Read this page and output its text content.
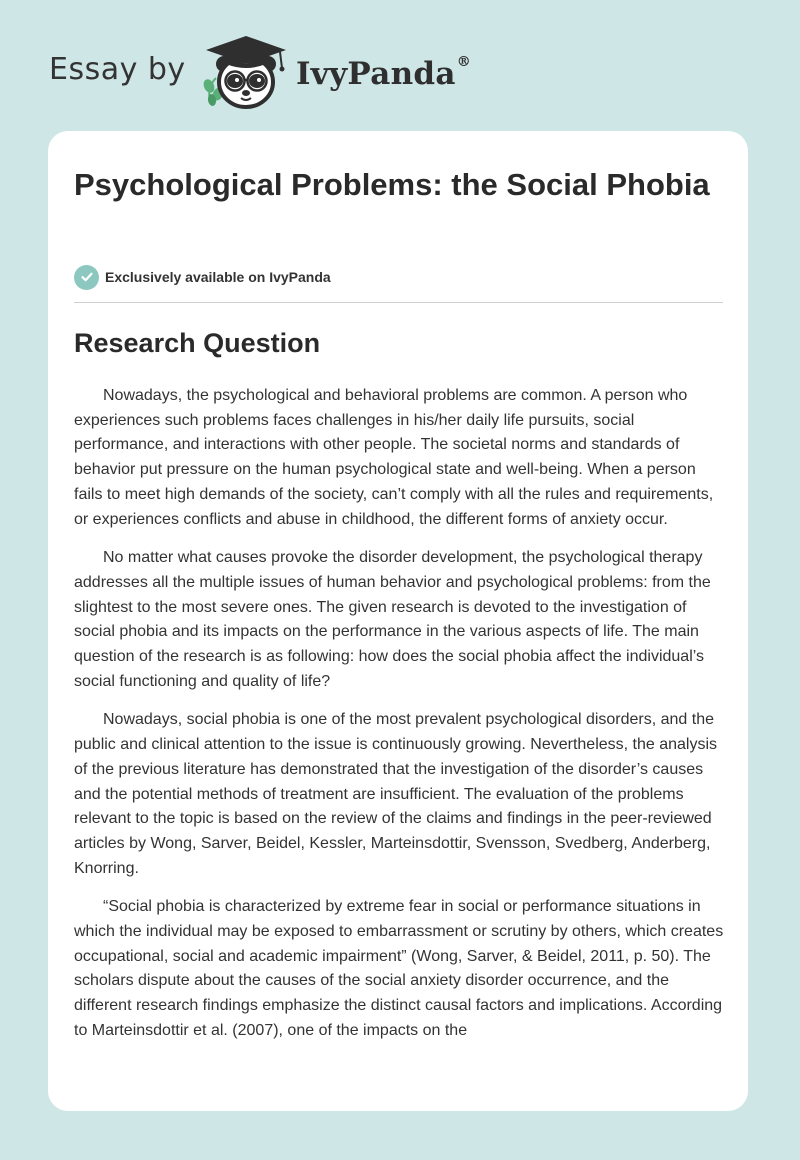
Essay by	IvyPanda®
Psychological Problems: the Social Phobia
Exclusively available on IvyPanda
Research Question

Nowadays, the psychological and behavioral problems are common. A person who experiences such problems faces challenges in his/her daily life pursuits, social performance, and interactions with other people. The societal norms and standards of behavior put pressure on the human psychological state and well-being. When a person fails to meet high demands of the society, can’t comply with all the rules and requirements, or experiences conflicts and abuse in childhood, the different forms of anxiety occur.

No matter what causes provoke the disorder development, the psychological therapy addresses all the multiple issues of human behavior and psychological problems: from the slightest to the most severe ones. The given research is devoted to the investigation of social phobia and its impacts on the performance in the various aspects of life. The main question of the research is as following: how does the social phobia affect the individual’s social functioning and quality of life?

Nowadays, social phobia is one of the most prevalent psychological disorders, and the public and clinical attention to the issue is continuously growing. Nevertheless, the analysis of the previous literature has demonstrated that the investigation of the disorder’s causes and the potential methods of treatment are insufficient. The evaluation of the problems relevant to the topic is based on the review of the claims and findings in the peer-reviewed articles by Wong, Sarver, Beidel, Kessler, Marteinsdottir, Svensson, Svedberg, Anderberg, Knorring.

“Social phobia is characterized by extreme fear in social or performance situations in which the individual may be exposed to embarrassment or scrutiny by others, which creates occupational, social and academic impairment” (Wong, Sarver, & Beidel, 2011, p. 50). The scholars dispute about the causes of the social anxiety disorder occurrence, and the different research findings emphasize the distinct causal factors and implications. According to Marteinsdottir et al. (2007), one of the impacts on the
